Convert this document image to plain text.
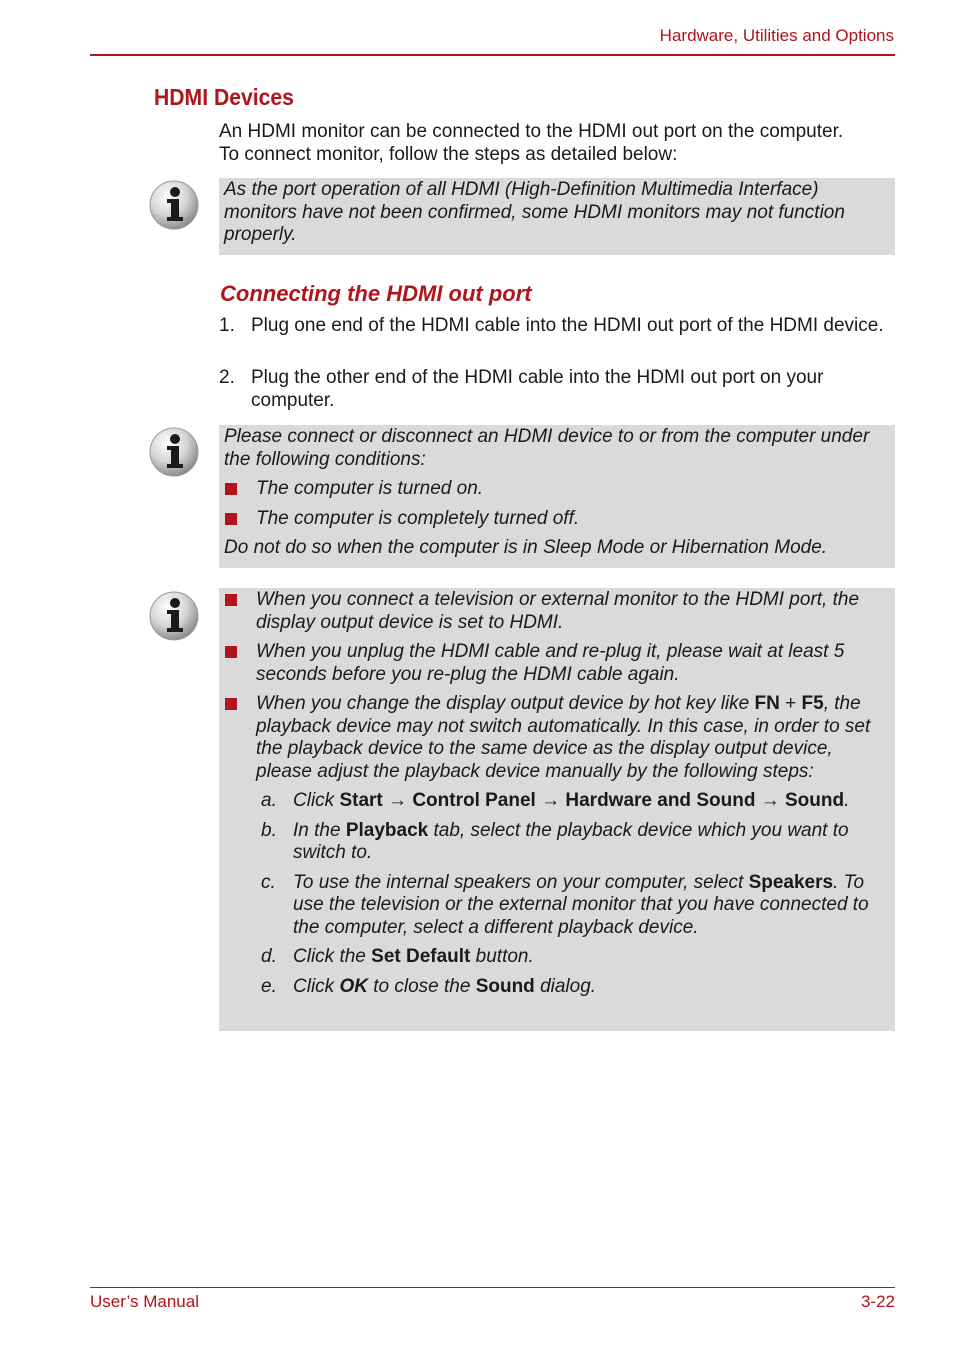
Hardware, Utilities and Options
HDMI Devices
An HDMI monitor can be connected to the HDMI out port on the computer.
To connect monitor, follow the steps as detailed below:
As the port operation of all HDMI (High-Definition Multimedia Interface) monitors have not been confirmed, some HDMI monitors may not function properly.
Connecting the HDMI out port
1. Plug one end of the HDMI cable into the HDMI out port of the HDMI device.
2. Plug the other end of the HDMI cable into the HDMI out port on your computer.
Please connect or disconnect an HDMI device to or from the computer under the following conditions:
The computer is turned on.
The computer is completely turned off.
Do not do so when the computer is in Sleep Mode or Hibernation Mode.
When you connect a television or external monitor to the HDMI port, the display output device is set to HDMI.
When you unplug the HDMI cable and re-plug it, please wait at least 5 seconds before you re-plug the HDMI cable again.
When you change the display output device by hot key like FN + F5, the playback device may not switch automatically. In this case, in order to set the playback device to the same device as the display output device, please adjust the playback device manually by the following steps:
a. Click Start → Control Panel → Hardware and Sound → Sound.
b. In the Playback tab, select the playback device which you want to switch to.
c. To use the internal speakers on your computer, select Speakers. To use the television or the external monitor that you have connected to the computer, select a different playback device.
d. Click the Set Default button.
e. Click OK to close the Sound dialog.
User’s Manual	3-22
